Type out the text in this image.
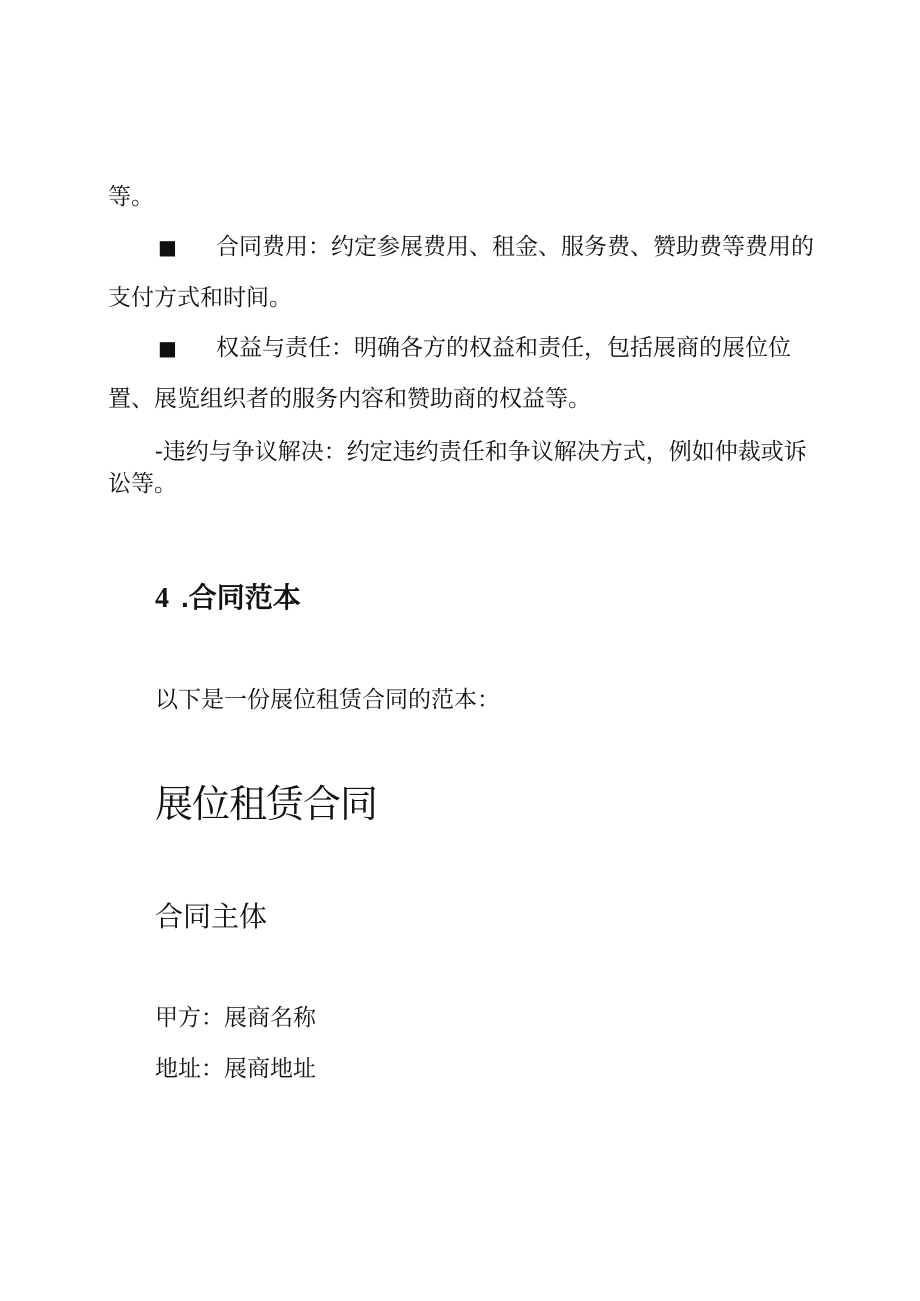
等。

■ 合同费用：约定参展费用、租金、服务费、赞助费等费用的支付方式和时间。

■ 权益与责任：明确各方的权益和责任，包括展商的展位位置、展览组织者的服务内容和赞助商的权益等。

-违约与争议解决：约定违约责任和争议解决方式，例如仲裁或诉讼等。

4 .合同范本

以下是一份展位租赁合同的范本：

展位租赁合同
合同主体

甲方：展商名称

地址：展商地址
